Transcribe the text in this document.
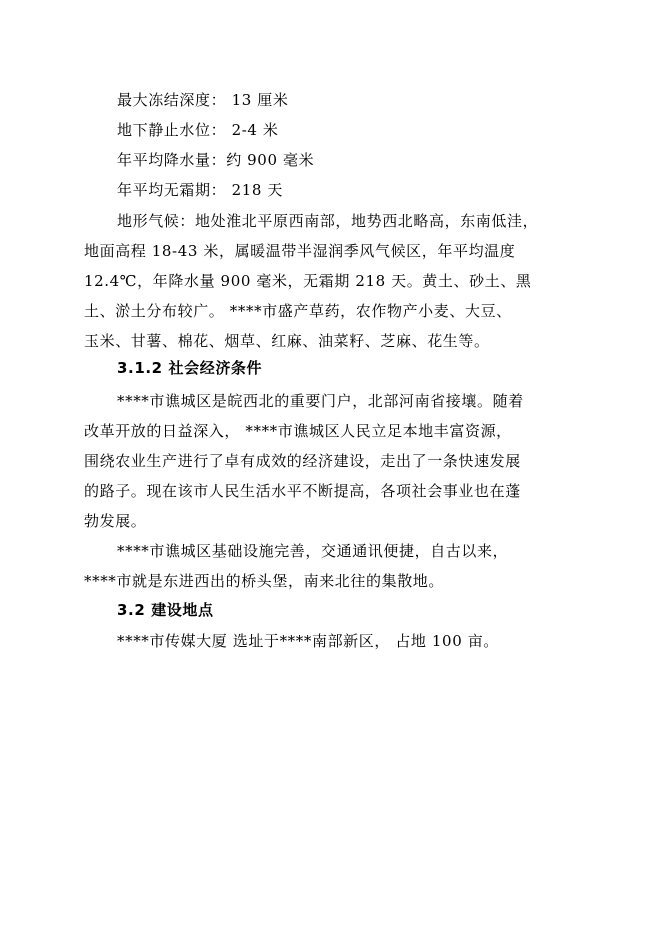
最大冻结深度： 13 厘米
地下静止水位： 2-4 米
年平均降水量：约 900 毫米
年平均无霜期： 218 天
地形气候：地处淮北平原西南部，地势西北略高，东南低洼，
地面高程 18-43 米，属暖温带半湿润季风气候区，年平均温度
12.4℃，年降水量 900 毫米，无霜期 218 天。黄土、砂土、黑
土、淤土分布较广。 ****市盛产草药，农作物产小麦、大豆、
玉米、甘薯、棉花、烟草、红麻、油菜籽、芝麻、花生等。
3.1.2 社会经济条件
****市谯城区是皖西北的重要门户，北部河南省接壤。随着
改革开放的日益深入， ****市谯城区人民立足本地丰富资源，
围绕农业生产进行了卓有成效的经济建设，走出了一条快速发展
的路子。现在该市人民生活水平不断提高，各项社会事业也在蓬
勃发展。
****市谯城区基础设施完善，交通通讯便捷，自古以来，
****市就是东进西出的桥头堡，南来北往的集散地。
3.2 建设地点
****市传媒大厦 选址于****南部新区， 占地 100 亩。
